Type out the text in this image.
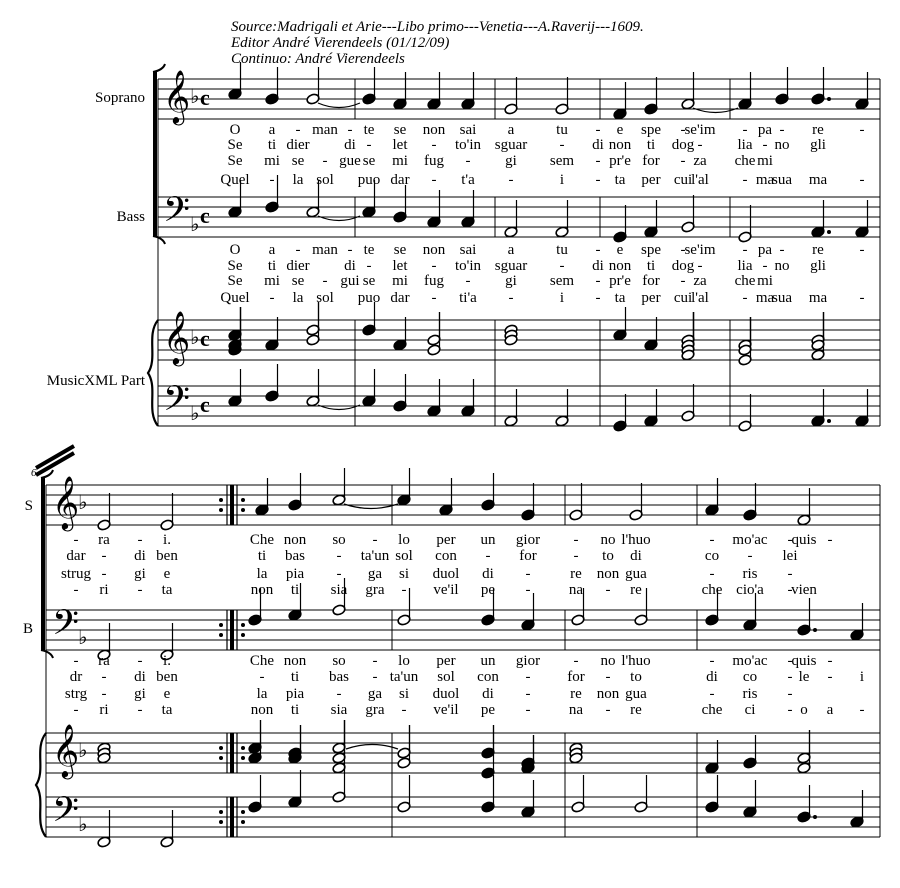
Source:Madrigali et Arie---Libo primo---Venetia---A.Raverij---1609.
Editor André Vierendeels (01/12/09)
Continuo: André Vierendeels
𝄞 ♭ c
𝄢 ♭ c
𝄞 ♭ c
𝄢 ♭ c
𝄞
♭
𝄢
♭
𝄞
♭
𝄢
♭
O a - man - te se non sai a	tu - e spe -
se'im - pa - re -
O a - man - te se non sai a	tu - e spe -
se'im - pa - re -
Se ti dier di - let - to'in sguar - di non ti dog - lia - no gli
Se ti dier di - let - to'in sguar - di non ti dog - lia - no gli
Se mi se - gue se mi fug - gi sem - pr'e for - za che mi
Se mi se - gui se mi fug - gi sem - pr'e for - za che mi
Quel - la sol puo dar - t'a -	i - ta per cui
l'al - ma
sua ma -
Quel - la sol puo dar - ti'a -	i - ta per cui
l'al - ma
sua ma -
- ra - i.	Che non so - lo per un gior - no l'huo	- mo'ac -
quis -
- ra - i.	Che non so - lo per un gior - no l'huo	- mo'ac -
quis -
dar - di ben	ti bas - ta'un sol con - for - to di	co - lei
dr - di ben	- ti bas - ta'un sol con - for - to	di co - le - i
strug - gi e	la pia - ga si duol di -	re non gua	- ris -
strg - gi e	la pia - ga si duol di -	re non gua	- ris -
- ri - ta	non ti sia gra - ve'il pe -	na - re	che cio'a -
vien
- ri - ta	non ti sia gra - ve'il pe -	na - re	che ci - o a -
Soprano
Bass
MusicXML Part
S
B
6
